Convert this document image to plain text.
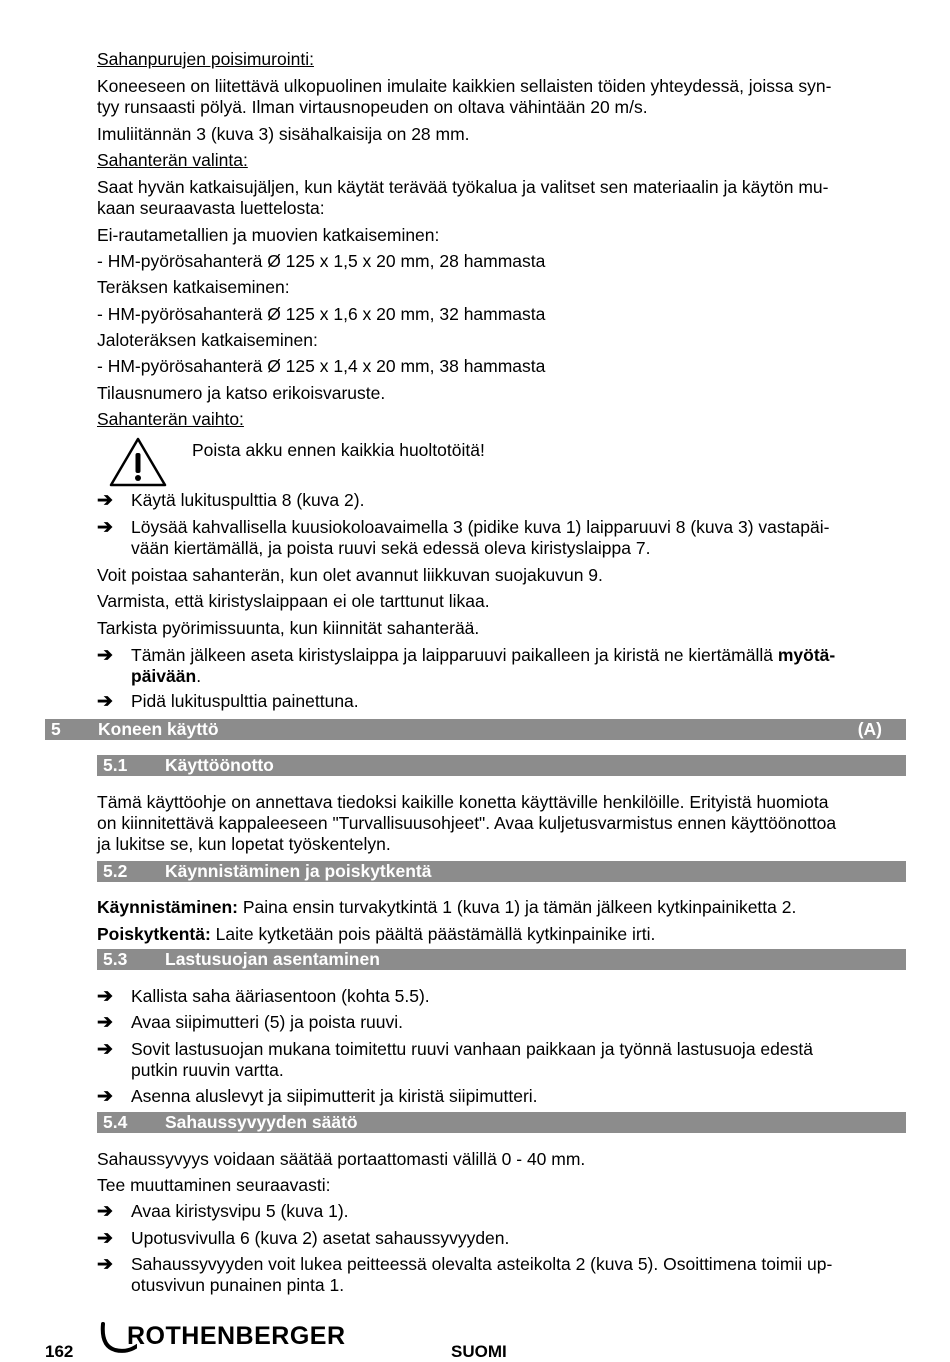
Sahanpurujen poisimurointi:
Koneeseen on liitettävä ulkopuolinen imulaite kaikkien sellaisten töiden yhteydessä, joissa syn-
tyy runsaasti pölyä. Ilman virtausnopeuden on oltava vähintään 20 m/s.
Imuliitännän 3 (kuva 3) sisähalkaisija on 28 mm.
Sahanterän valinta:
Saat hyvän katkaisujäljen, kun käytät terävää työkalua ja valitset sen materiaalin ja käytön mu-
kaan seuraavasta luettelosta:
Ei-rautametallien ja muovien katkaiseminen:
- HM-pyörösahanterä Ø 125 x 1,5 x 20 mm, 28 hammasta
Teräksen katkaiseminen:
- HM-pyörösahanterä Ø 125 x 1,6 x 20 mm, 32 hammasta
Jaloteräksen katkaiseminen:
- HM-pyörösahanterä Ø 125 x 1,4 x 20 mm, 38 hammasta
Tilausnumero ja katso erikoisvaruste.
Sahanterän vaihto:
Poista akku ennen kaikkia huoltotöitä!
➔ Käytä lukituspulttia 8 (kuva 2).
➔ Löysää kahvallisella kuusiokoloavaimella 3 (pidike kuva 1) laipparuuvi 8 (kuva 3) vastapäi-
vään kiertämällä, ja poista ruuvi sekä edessä oleva kiristyslaippa 7.
Voit poistaa sahanterän, kun olet avannut liikkuvan suojakuvun 9.
Varmista, että kiristyslaippaan ei ole tarttunut likaa.
Tarkista pyörimissuunta, kun kiinnität sahanterää.
➔ Tämän jälkeen aseta kiristyslaippa ja laipparuuvi paikalleen ja kiristä ne kiertämällä myötä-
päivään.
➔ Pidä lukituspulttia painettuna.
5 Koneen käyttö	(A)
5.1 Käyttöönotto
Tämä käyttöohje on annettava tiedoksi kaikille konetta käyttäville henkilöille. Erityistä huomiota
on kiinnitettävä kappaleeseen "Turvallisuusohjeet". Avaa kuljetusvarmistus ennen käyttöönottoa
ja lukitse se, kun lopetat työskentelyn.
5.2 Käynnistäminen ja poiskytkentä
Käynnistäminen: Paina ensin turvakytkintä 1 (kuva 1) ja tämän jälkeen kytkinpainiketta 2.
Poiskytkentä: Laite kytketään pois päältä päästämällä kytkinpainike irti.
5.3 Lastusuojan asentaminen
➔ Kallista saha ääriasentoon (kohta 5.5).
➔ Avaa siipimutteri (5) ja poista ruuvi.
➔ Sovit lastusuojan mukana toimitettu ruuvi vanhaan paikkaan ja työnnä lastusuoja edestä
putkin ruuvin vartta.
➔ Asenna aluslevyt ja siipimutterit ja kiristä siipimutteri.
5.4 Sahaussyvyyden säätö
Sahaussyvyys voidaan säätää portaattomasti välillä 0 - 40 mm.
Tee muuttaminen seuraavasti:
➔ Avaa kiristysvipu 5 (kuva 1).
➔ Upotusvivulla 6 (kuva 2) asetat sahaussyvyyden.
➔ Sahaussyvyyden voit lukea peitteessä olevalta asteikolta 2 (kuva 5). Osoittimena toimii up-
otusvivun punainen pinta 1.
162
ROTHENBERGER
SUOMI
